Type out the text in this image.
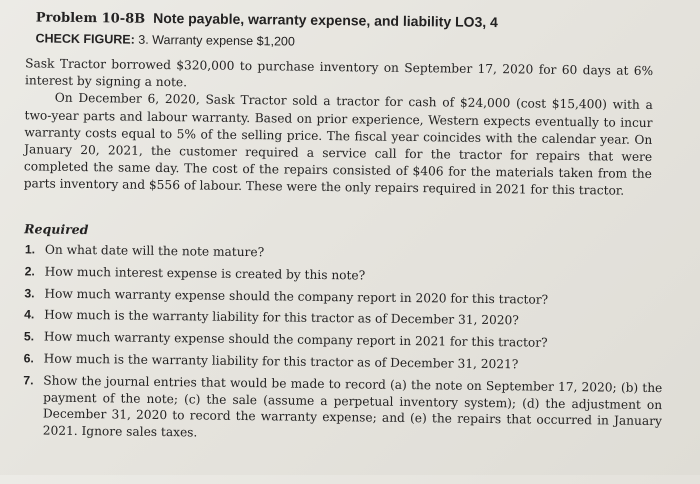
Problem 10-8B Note payable, warranty expense, and liability LO3, 4
CHECK FIGURE: 3. Warranty expense $1,200

Sask Tractor borrowed $320,000 to purchase inventory on September 17, 2020 for 60 days at 6% interest by signing a note.

On December 6, 2020, Sask Tractor sold a tractor for cash of $24,000 (cost $15,400) with a two-year parts and labour warranty. Based on prior experience, Western expects eventually to incur warranty costs equal to 5% of the selling price. The fiscal year coincides with the calendar year. On January 20, 2021, the customer required a service call for the tractor for repairs that were completed the same day. The cost of the repairs consisted of $406 for the materials taken from the parts inventory and $556 of labour. These were the only repairs required in 2021 for this tractor.

Required
1. On what date will the note mature?
2. How much interest expense is created by this note?
3. How much warranty expense should the company report in 2020 for this tractor?
4. How much is the warranty liability for this tractor as of December 31, 2020?
5. How much warranty expense should the company report in 2021 for this tractor?
6. How much is the warranty liability for this tractor as of December 31, 2021?
7. Show the journal entries that would be made to record (a) the note on September 17, 2020; (b) the payment of the note; (c) the sale (assume a perpetual inventory system); (d) the adjustment on December 31, 2020 to record the warranty expense; and (e) the repairs that occurred in January 2021. Ignore sales taxes.
